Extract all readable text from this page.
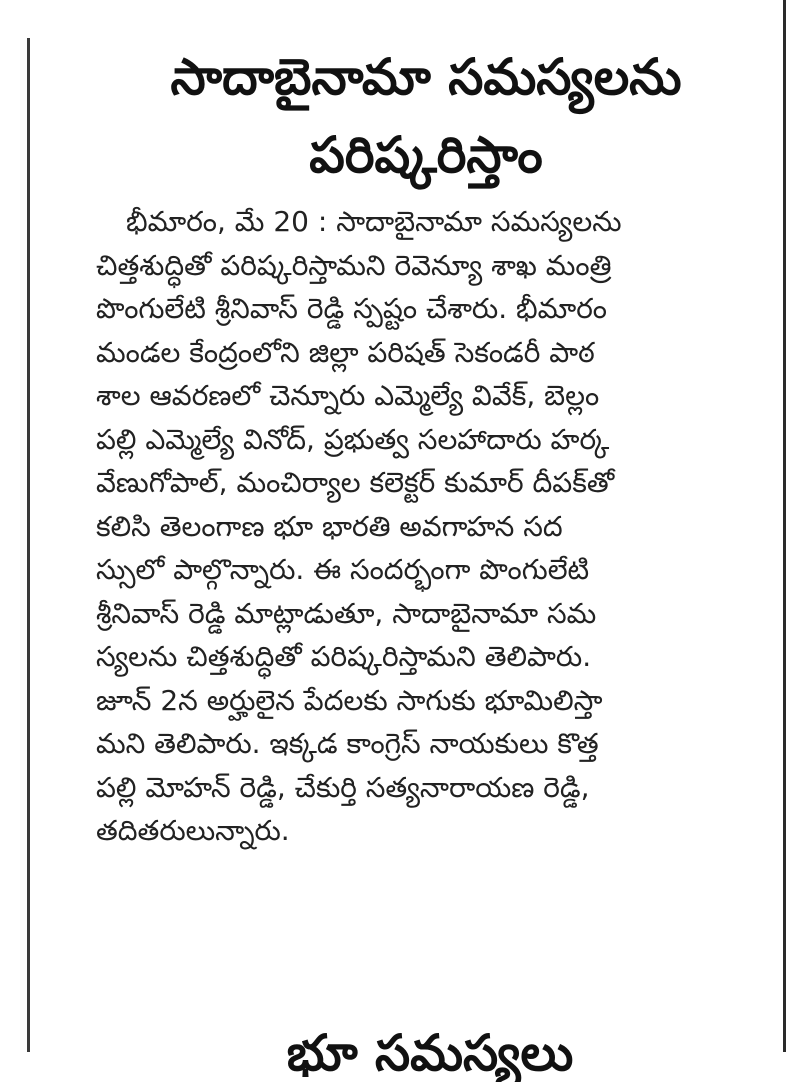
సాదాబైనామా సమస్యలను
పరిష్కరిస్తాం
భీమారం, మే 20 : సాదాబైనామా సమస్యలను
చిత్తశుద్ధితో పరిష్కరిస్తామని రెవెన్యూ శాఖ మంత్రి
పొంగులేటి శ్రీనివాస్ రెడ్డి స్పష్టం చేశారు. భీమారం
మండల కేంద్రంలోని జిల్లా పరిషత్ సెకండరీ పాఠ
శాల ఆవరణలో చెన్నూరు ఎమ్మెల్యే వివేక్, బెల్లం
పల్లి ఎమ్మెల్యే వినోద్, ప్రభుత్వ సలహాదారు హర్క
వేణుగోపాల్, మంచిర్యాల కలెక్టర్ కుమార్ దీపక్‌తో
కలిసి తెలంగాణ భూ భారతి అవగాహన సద
స్సులో పాల్గొన్నారు. ఈ సందర్భంగా పొంగులేటి
శ్రీనివాస్ రెడ్డి మాట్లాడుతూ, సాదాబైనామా సమ
స్యలను చిత్తశుద్ధితో పరిష్కరిస్తామని తెలిపారు.
జూన్ 2న అర్హులైన పేదలకు సాగుకు భూమిలిస్తా
మని తెలిపారు. ఇక్కడ కాంగ్రెస్ నాయకులు కొత్త
పల్లి మోహన్ రెడ్డి, చేకుర్తి సత్యనారాయణ రెడ్డి,
తదితరులున్నారు.
భూ సమస్యలు
